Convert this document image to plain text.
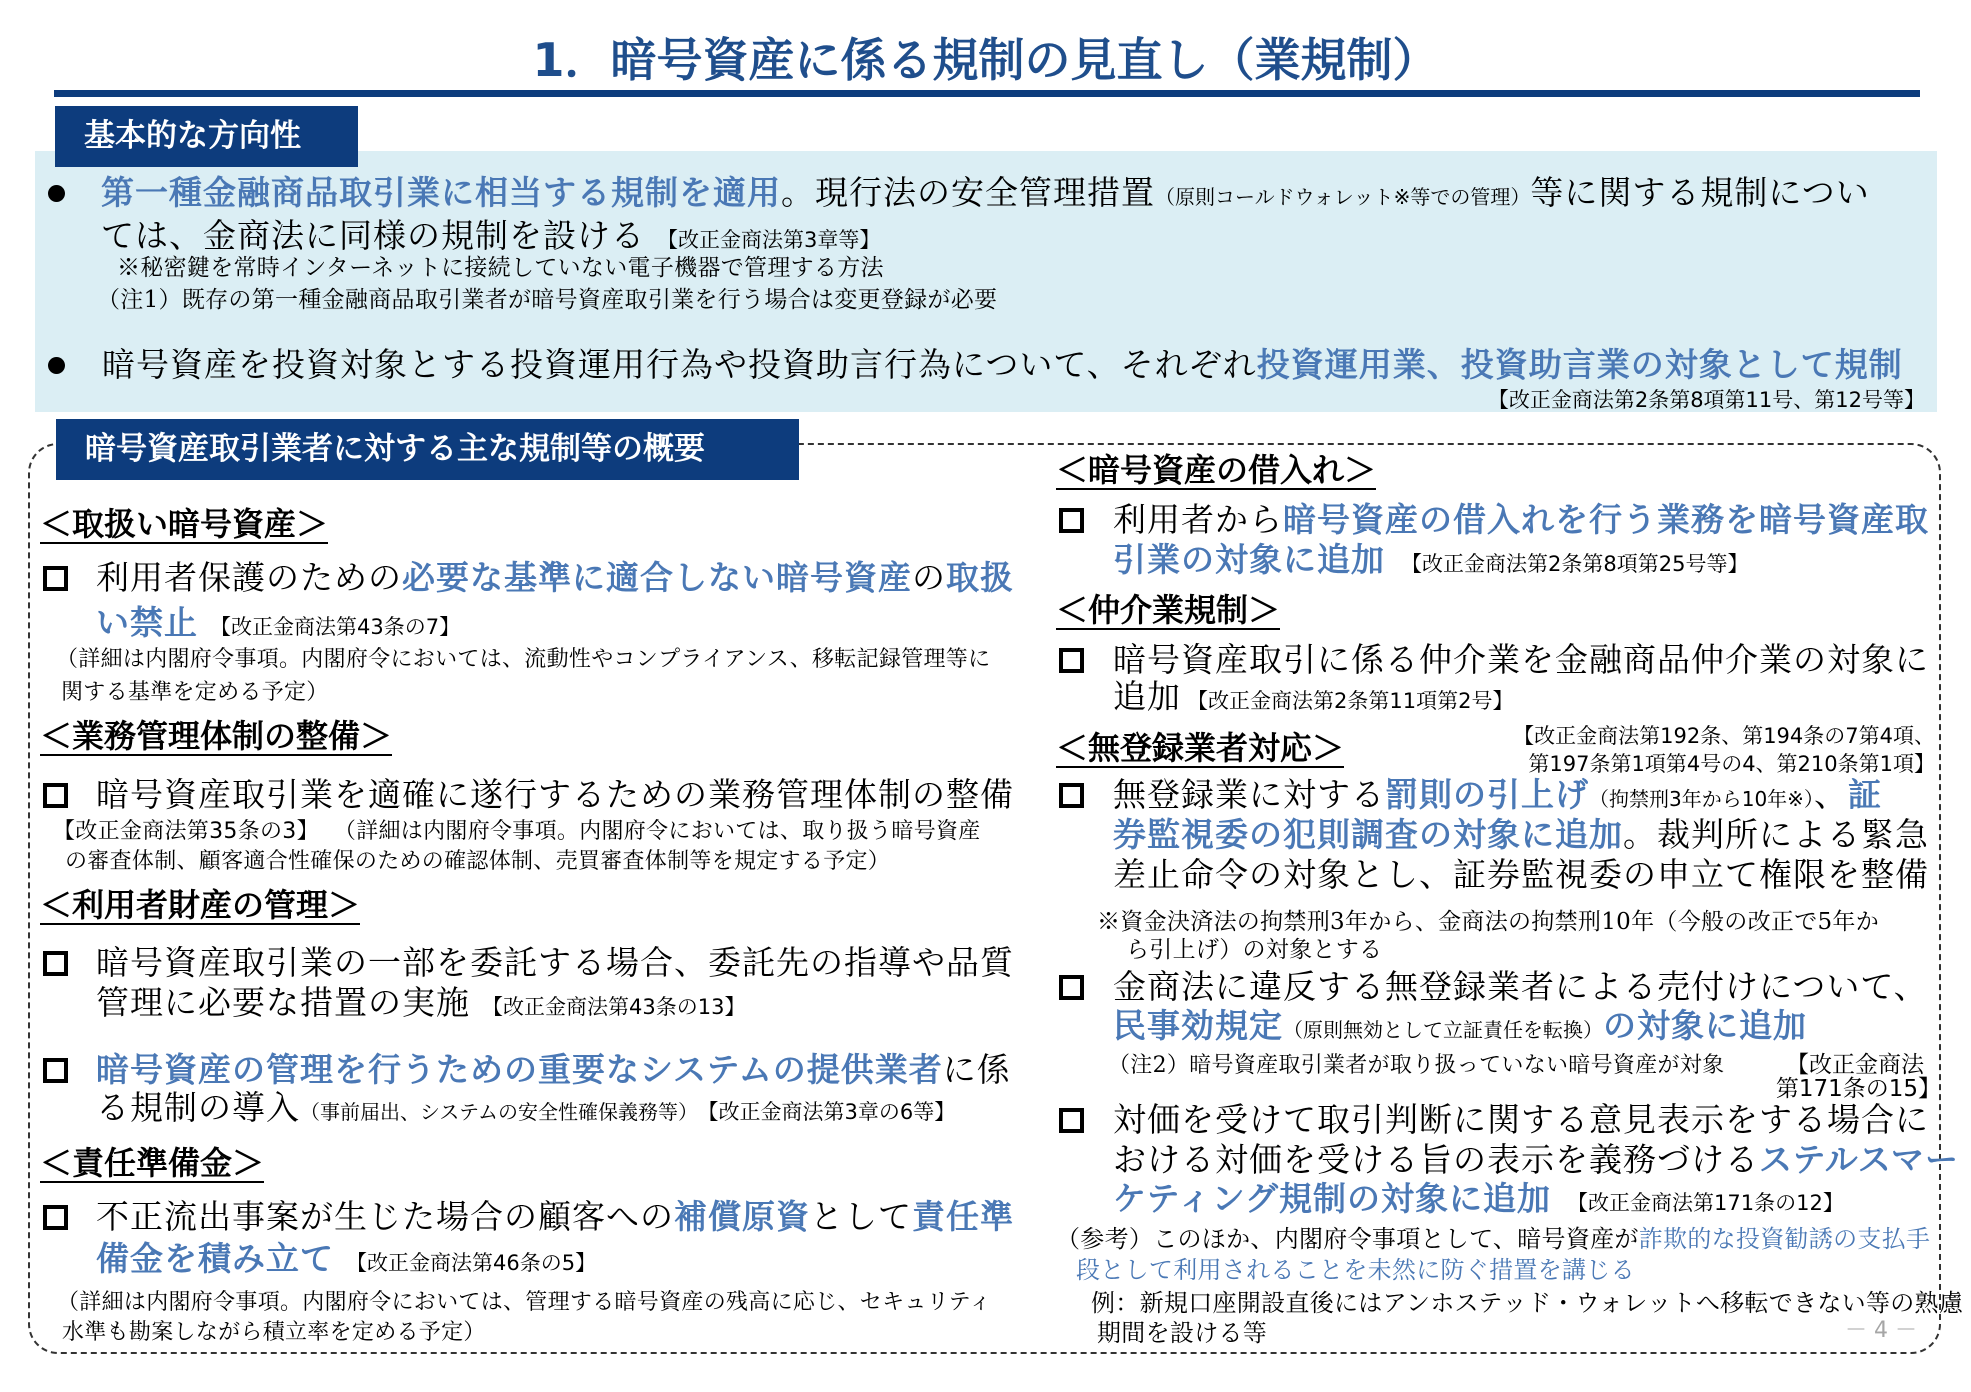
1．暗号資産に係る規制の見直し（業規制）
基本的な方向性
第一種金融商品取引業に相当する規制を適用。現行法の安全管理措置（原則コールドウォレット※等での管理）等に関する規制につい
ては、金商法に同様の規制を設ける 【改正金商法第3章等】
※秘密鍵を常時インターネットに接続していない電子機器で管理する方法
（注1）既存の第一種金融商品取引業者が暗号資産取引業を行う場合は変更登録が必要
暗号資産を投資対象とする投資運用行為や投資助言行為について、それぞれ投資運用業、投資助言業の対象として規制
【改正金商法第2条第8項第11号、第12号等】
暗号資産取引業者に対する主な規制等の概要
＜取扱い暗号資産＞
利用者保護のための必要な基準に適合しない暗号資産の取扱
い禁止 【改正金商法第43条の7】
（詳細は内閣府令事項。内閣府令においては、流動性やコンプライアンス、移転記録管理等に
関する基準を定める予定）
＜業務管理体制の整備＞
暗号資産取引業を適確に遂行するための業務管理体制の整備
【改正金商法第35条の3】 （詳細は内閣府令事項。内閣府令においては、取り扱う暗号資産
の審査体制、顧客適合性確保のための確認体制、売買審査体制等を規定する予定）
＜利用者財産の管理＞
暗号資産取引業の一部を委託する場合、委託先の指導や品質
管理に必要な措置の実施 【改正金商法第43条の13】
暗号資産の管理を行うための重要なシステムの提供業者に係
る規制の導入（事前届出、システムの安全性確保義務等） 【改正金商法第3章の6等】
＜責任準備金＞
不正流出事案が生じた場合の顧客への補償原資として責任準
備金を積み立て 【改正金商法第46条の5】
（詳細は内閣府令事項。内閣府令においては、管理する暗号資産の残高に応じ、セキュリティ
水準も勘案しながら積立率を定める予定）
＜暗号資産の借入れ＞
利用者から暗号資産の借入れを行う業務を暗号資産取
引業の対象に追加 【改正金商法第2条第8項第25号等】
＜仲介業規制＞
暗号資産取引に係る仲介業を金融商品仲介業の対象に
追加 【改正金商法第2条第11項第2号】
＜無登録業者対応＞	【改正金商法第192条、第194条の7第4項、
第197条第1項第4号の4、第210条第1項】
無登録業に対する罰則の引上げ（拘禁刑3年から10年※）、証
券監視委の犯則調査の対象に追加。裁判所による緊急
差止命令の対象とし、証券監視委の申立て権限を整備
※資金決済法の拘禁刑3年から、金商法の拘禁刑10年（今般の改正で5年か
ら引上げ）の対象とする
金商法に違反する無登録業者による売付けについて、
民事効規定（原則無効として立証責任を転換）の対象に追加
（注2）暗号資産取引業者が取り扱っていない暗号資産が対象	【改正金商法
第171条の15】
対価を受けて取引判断に関する意見表示をする場合に
おける対価を受ける旨の表示を義務づけるステルスマー
ケティング規制の対象に追加 【改正金商法第171条の12】
（参考）このほか、内閣府令事項として、暗号資産が詐欺的な投資勧誘の支払手
段として利用されることを未然に防ぐ措置を講じる
例：新規口座開設直後にはアンホステッド・ウォレットへ移転できない等の熟慮
期間を設ける等	－ 4 －
